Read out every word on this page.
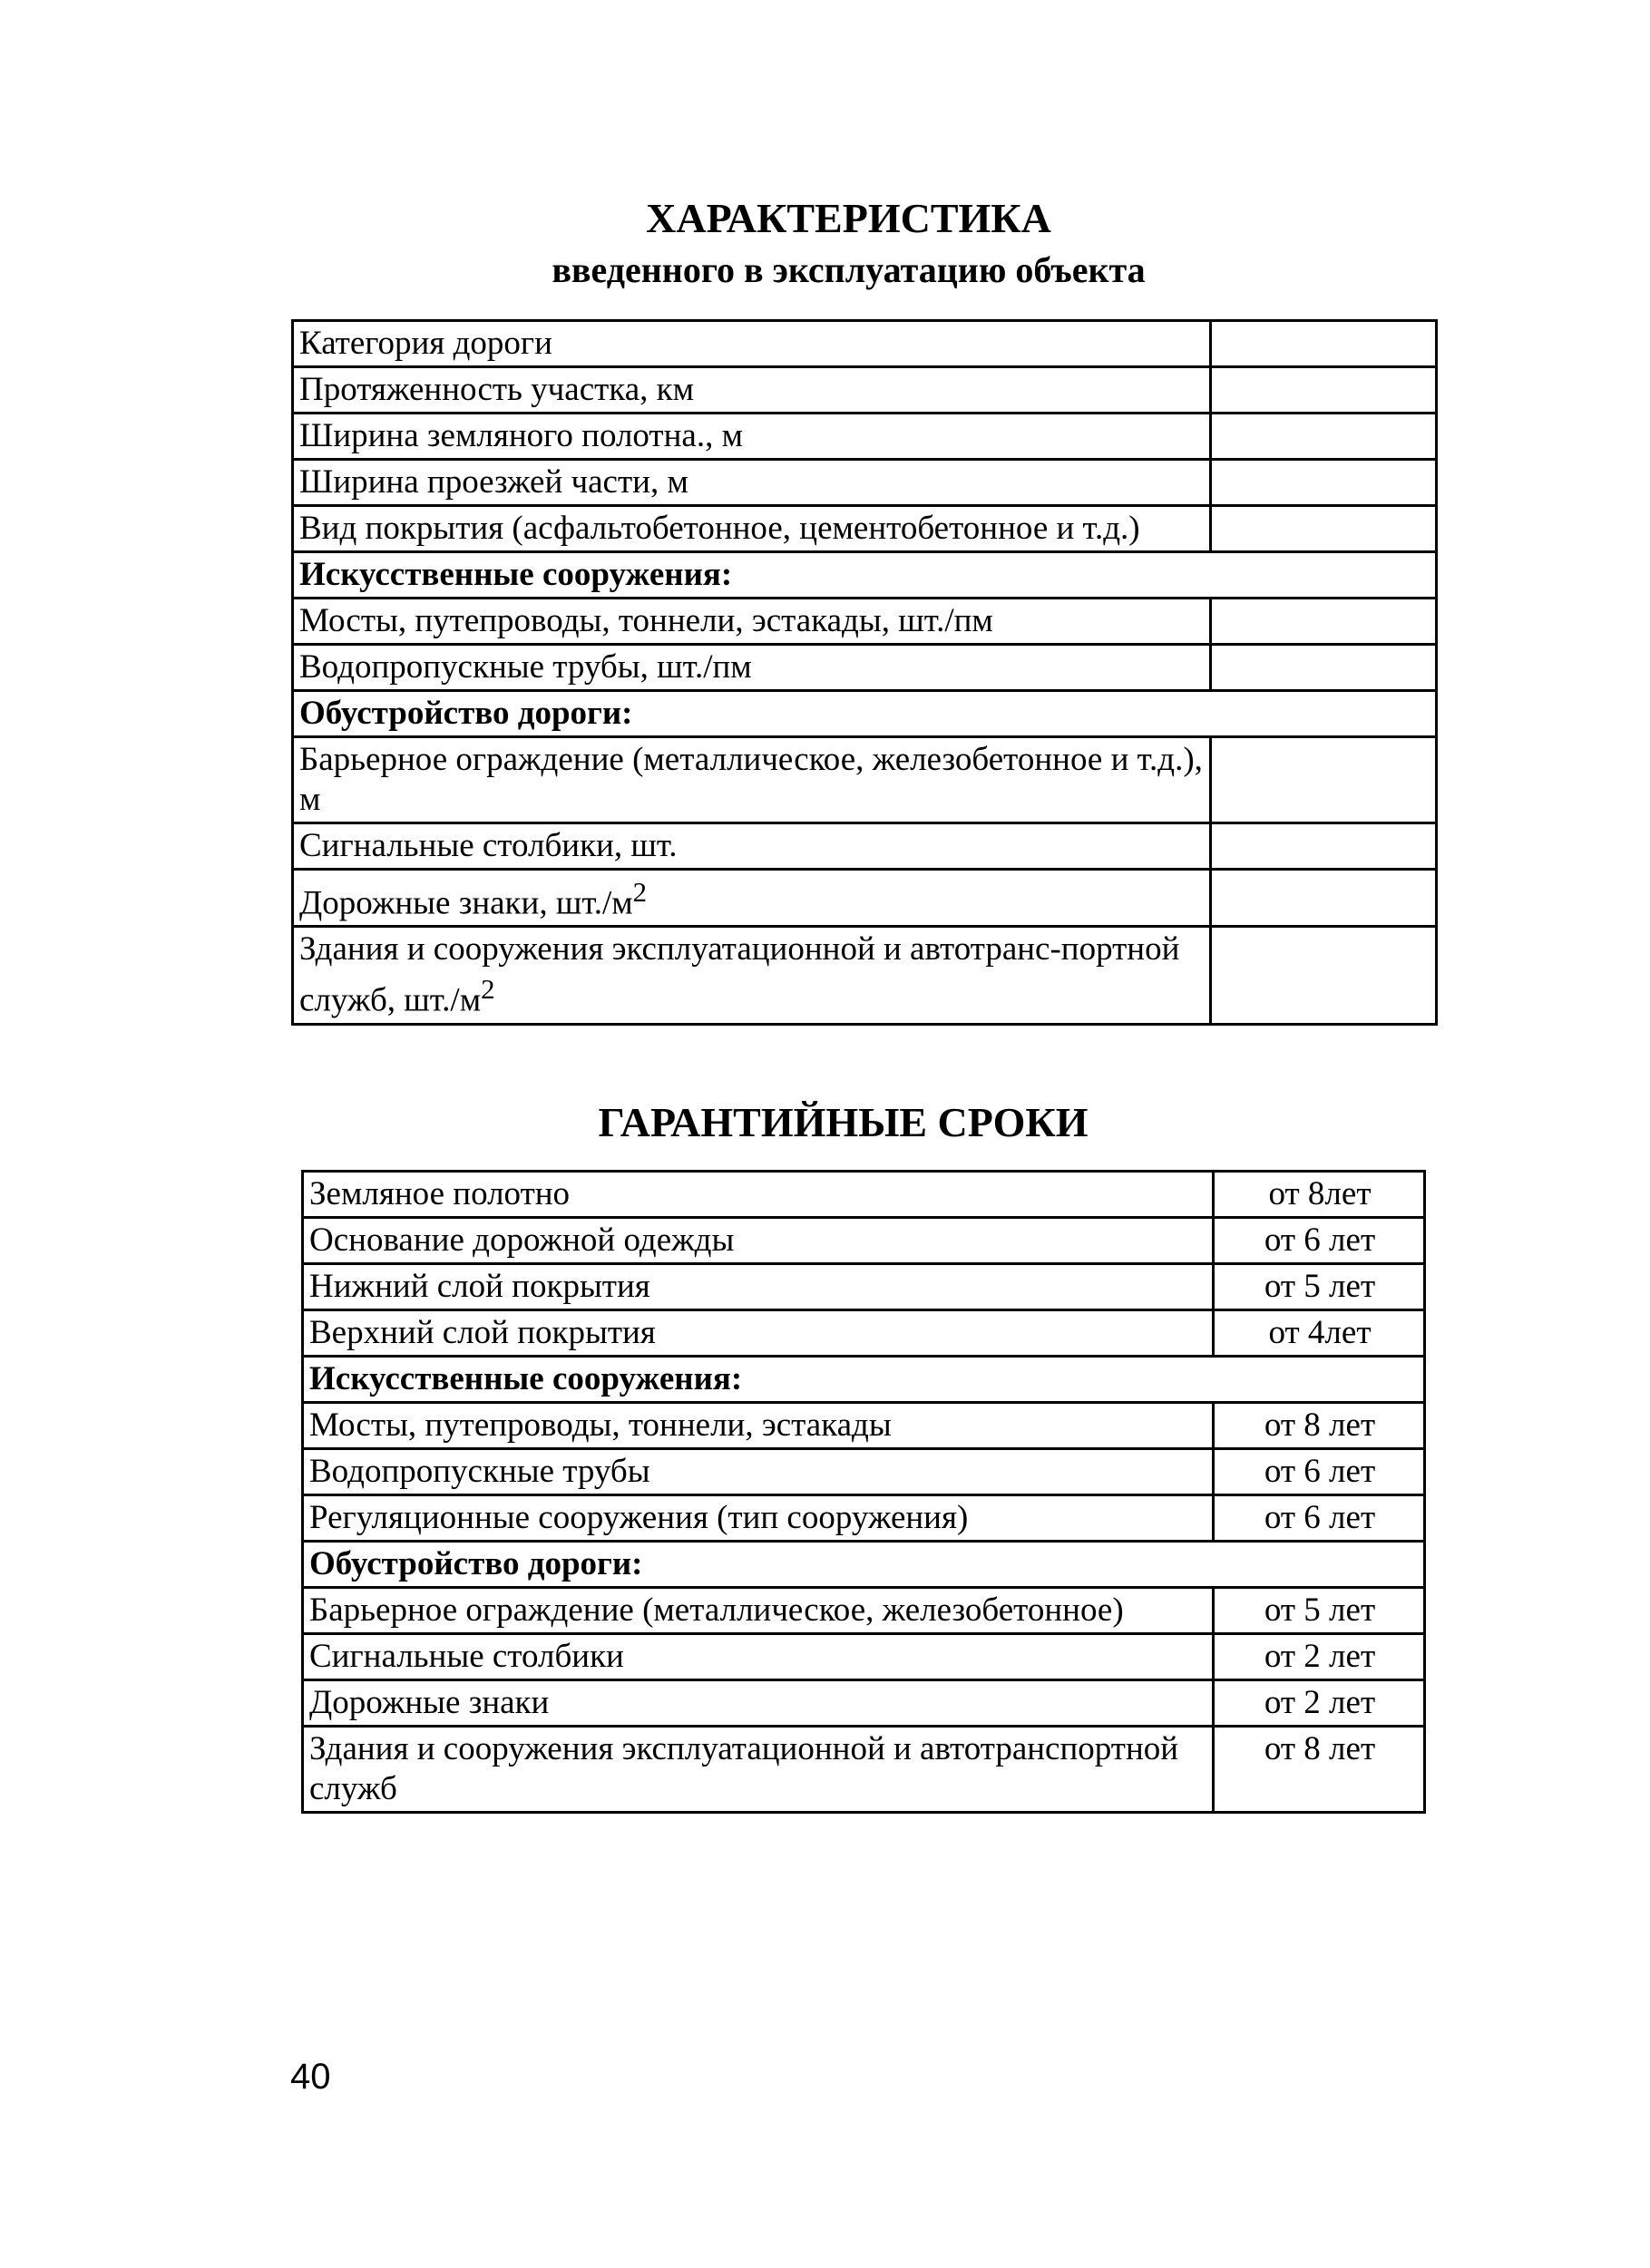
ХАРАКТЕРИСТИКА
введенного в эксплуатацию объекта
Категория дороги	
Протяженность участка, км	
Ширина земляного полотна., м	
Ширина проезжей части, м	
Вид покрытия (асфальтобетонное, цементобетонное и т.д.)	
Искусственные сооружения:	
Мосты, путепроводы, тоннели, эстакады, шт./пм	
Водопропускные трубы, шт./пм	
Обустройство дороги:	
Барьерное ограждение (металлическое, железобетонное и т.д.), м	
Сигнальные столбики, шт.	
Дорожные знаки, $шт./м^2$	
Здания и сооружения эксплуатационной и автотранс-портной служб, $шт./м^2$	
ГАРАНТИЙНЫЕ СРОКИ
Земляное полотно	от 8лет
Основание дорожной одежды	от 6 лет
Нижний слой покрытия	от 5 лет
Верхний слой покрытия	от 4лет
Искусственные сооружения:	
Мосты, путепроводы, тоннели, эстакады	от 8 лет
Водопропускные трубы	от 6 лет
Регуляционные сооружения (тип сооружения)	от 6 лет
Обустройство дороги:	
Барьерное ограждение (металлическое, железобетонное)	от 5 лет
Сигнальные столбики	от 2 лет
Дорожные знаки	от 2 лет
Здания и сооружения эксплуатационной и автотранспортной служб	от 8 лет
40
